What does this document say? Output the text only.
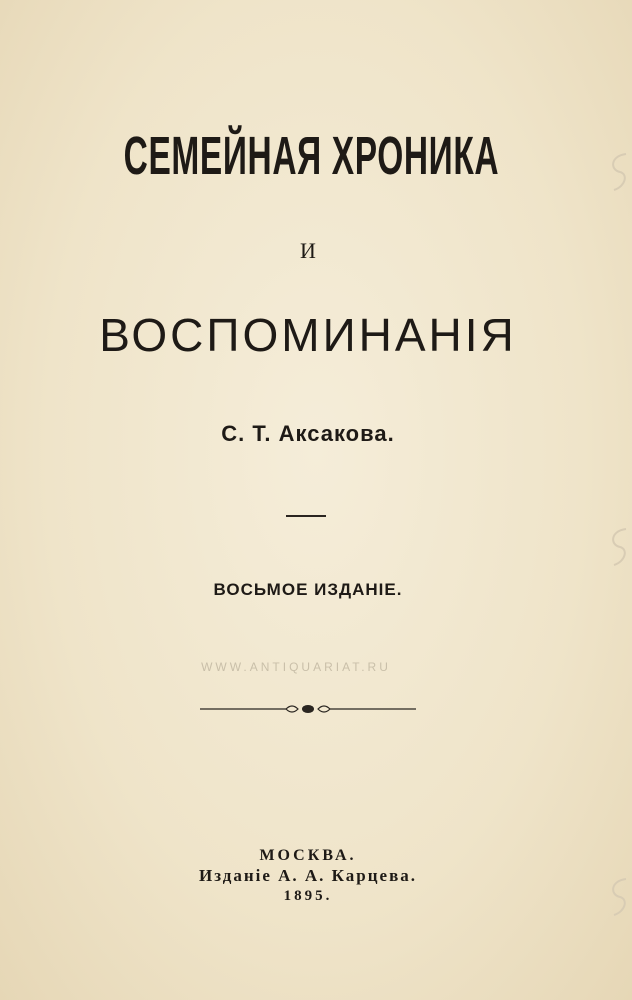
СЕМЕЙНАЯ ХРОНИКА
И
ВОСПОМИНАНІЯ
С. Т. Аксакова.
ВОСЬМОЕ ИЗДАНІЕ.
WWW.ANTIQUARIAT.RU
МОСКВА.
Изданіе А. А. Карцева.
1895.
